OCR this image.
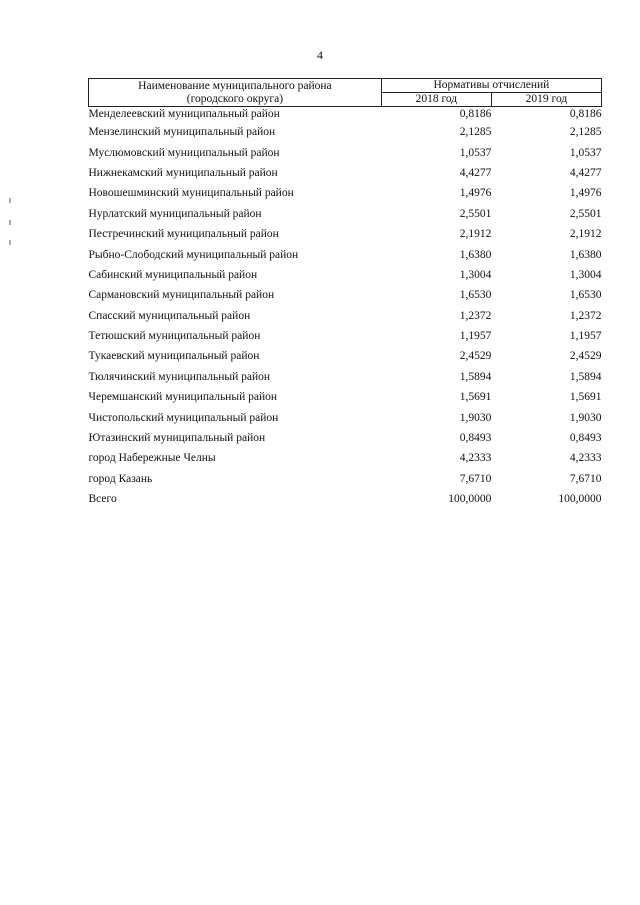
4
Наименование муниципального района
(городского округа)	Нормативы отчислений	
	2018 год	2019 год
Менделеевский муниципальный район	0,8186	0,8186
Мензелинский муниципальный район	2,1285	2,1285
Муслюмовский муниципальный район	1,0537	1,0537
Нижнекамский муниципальный район	4,4277	4,4277
Новошешминский муниципальный район	1,4976	1,4976
Нурлатский муниципальный район	2,5501	2,5501
Пестречинский муниципальный район	2,1912	2,1912
Рыбно-Слободский муниципальный район	1,6380	1,6380
Сабинский муниципальный район	1,3004	1,3004
Сармановский муниципальный район	1,6530	1,6530
Спасский муниципальный район	1,2372	1,2372
Тетюшский муниципальный район	1,1957	1,1957
Тукаевский муниципальный район	2,4529	2,4529
Тюлячинский муниципальный район	1,5894	1,5894
Черемшанский муниципальный район	1,5691	1,5691
Чистопольский муниципальный район	1,9030	1,9030
Ютазинский муниципальный район	0,8493	0,8493
город Набережные Челны	4,2333	4,2333
город Казань	7,6710	7,6710
Всего	100,0000	100,0000
